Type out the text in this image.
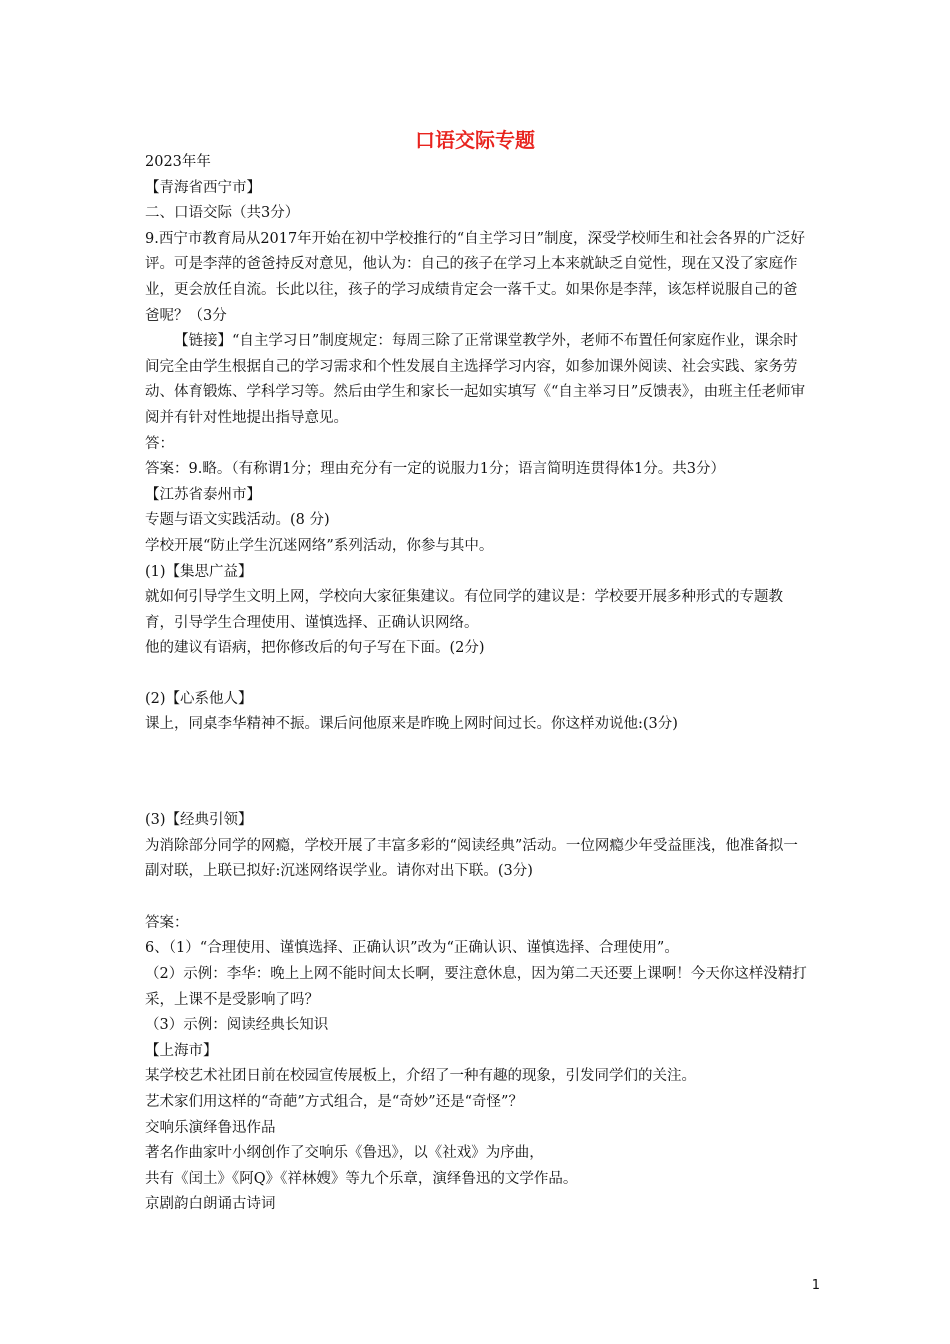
口语交际专题

2023年年

【青海省西宁市】

二、口语交际（共3分）

9.西宁市教育局从2017年开始在初中学校推行的“自主学习日”制度，深受学校师生和社会各界的广泛好评。可是李萍的爸爸持反对意见，他认为：自己的孩子在学习上本来就缺乏自觉性，现在又没了家庭作业，更会放任自流。长此以往，孩子的学习成绩肯定会一落千丈。如果你是李萍，该怎样说服自己的爸爸呢？（3分

【链接】“自主学习日”制度规定：每周三除了正常课堂教学外，老师不布置任何家庭作业，课余时间完全由学生根据自己的学习需求和个性发展自主选择学习内容，如参加课外阅读、社会实践、家务劳动、体育锻炼、学科学习等。然后由学生和家长一起如实填写《“自主举习日”反馈表》，由班主任老师审阅并有针对性地提出指导意见。

答：

答案：9.略。（有称谓1分；理由充分有一定的说服力1分；语言简明连贯得体1分。共3分）

【江苏省泰州市】

专题与语文实践活动。(8 分)

学校开展“防止学生沉迷网络”系列活动，你参与其中。

(1)【集思广益】

就如何引导学生文明上网，学校向大家征集建议。有位同学的建议是：学校要开展多种形式的专题教育，引导学生合理使用、谨慎选择、正确认识网络。

他的建议有语病，把你修改后的句子写在下面。(2分)

(2)【心系他人】

课上，同桌李华精神不振。课后问他原来是昨晚上网时间过长。你这样劝说他:(3分)

(3)【经典引领】

为消除部分同学的网瘾，学校开展了丰富多彩的“阅读经典”活动。一位网瘾少年受益匪浅，他准备拟一副对联，上联已拟好:沉迷网络误学业。请你对出下联。(3分)

答案：

6、（1）“合理使用、谨慎选择、正确认识”改为“正确认识、谨慎选择、合理使用”。

（2）示例：李华：晚上上网不能时间太长啊，要注意休息，因为第二天还要上课啊！今天你这样没精打采，上课不是受影响了吗？

（3）示例：阅读经典长知识

【上海市】

某学校艺术社团日前在校园宣传展板上，介绍了一种有趣的现象，引发同学们的关注。

艺术家们用这样的“奇葩”方式组合，是“奇妙”还是“奇怪”？

交响乐演绎鲁迅作品

著名作曲家叶小纲创作了交响乐《鲁迅》，以《社戏》为序曲，

共有《闰土》《阿Q》《祥林嫂》等九个乐章，演绎鲁迅的文学作品。

京剧韵白朗诵古诗词

1
